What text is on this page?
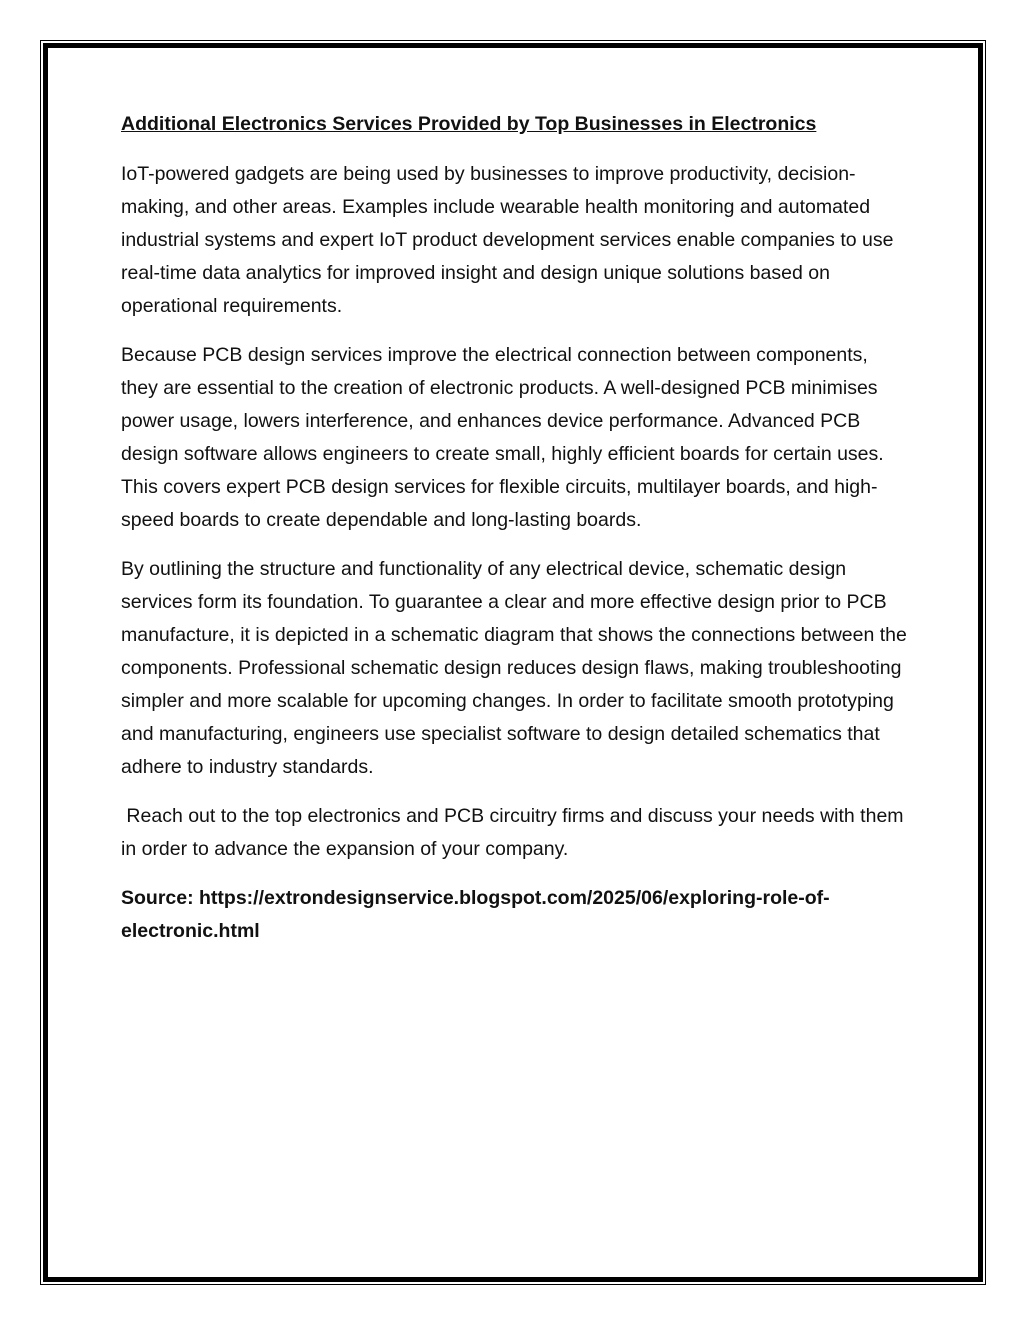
Additional Electronics Services Provided by Top Businesses in Electronics

IoT-powered gadgets are being used by businesses to improve productivity, decision-making, and other areas. Examples include wearable health monitoring and automated industrial systems and expert IoT product development services enable companies to use real-time data analytics for improved insight and design unique solutions based on operational requirements.

Because PCB design services improve the electrical connection between components, they are essential to the creation of electronic products. A well-designed PCB minimises power usage, lowers interference, and enhances device performance. Advanced PCB design software allows engineers to create small, highly efficient boards for certain uses. This covers expert PCB design services for flexible circuits, multilayer boards, and high-speed boards to create dependable and long-lasting boards.

By outlining the structure and functionality of any electrical device, schematic design services form its foundation. To guarantee a clear and more effective design prior to PCB manufacture, it is depicted in a schematic diagram that shows the connections between the components. Professional schematic design reduces design flaws, making troubleshooting simpler and more scalable for upcoming changes. In order to facilitate smooth prototyping and manufacturing, engineers use specialist software to design detailed schematics that adhere to industry standards.

Reach out to the top electronics and PCB circuitry firms and discuss your needs with them in order to advance the expansion of your company.

Source: https://extrondesignservice.blogspot.com/2025/06/exploring-role-of-electronic.html
